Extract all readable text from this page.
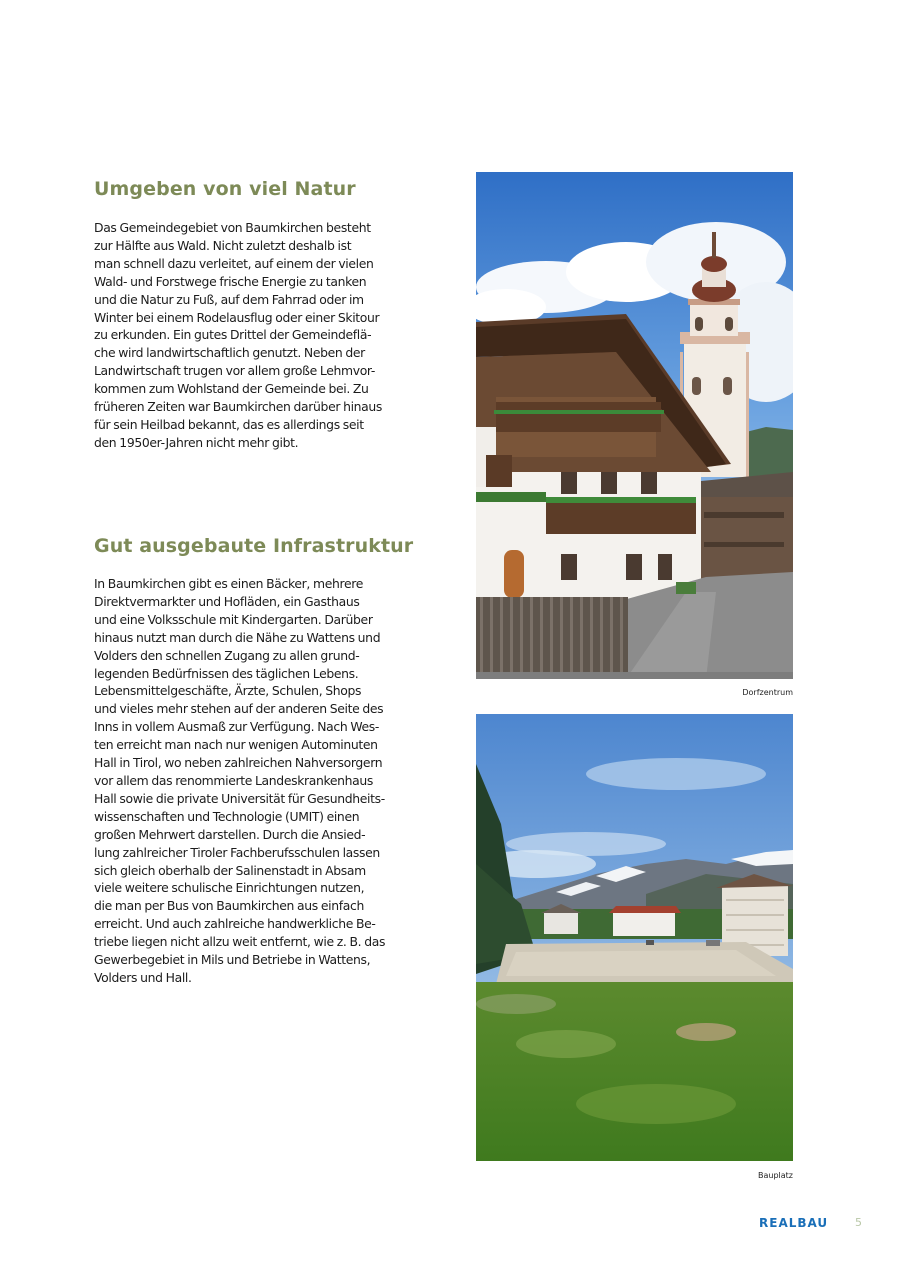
Umgeben von viel Natur

Das Gemeindegebiet von Baumkirchen besteht
zur Hälfte aus Wald. Nicht zuletzt deshalb ist
man schnell dazu verleitet, auf einem der vielen
Wald- und Forstwege frische Energie zu tanken
und die Natur zu Fuß, auf dem Fahrrad oder im
Winter bei einem Rodelausflug oder einer Skitour
zu erkunden. Ein gutes Drittel der Gemeindeflä-
che wird landwirtschaftlich genutzt. Neben der
Landwirtschaft trugen vor allem große Lehmvor-
kommen zum Wohlstand der Gemeinde bei. Zu
früheren Zeiten war Baumkirchen darüber hinaus
für sein Heilbad bekannt, das es allerdings seit
den 1950er-Jahren nicht mehr gibt.

Gut ausgebaute Infrastruktur

In Baumkirchen gibt es einen Bäcker, mehrere
Direktvermarkter und Hofläden, ein Gasthaus
und eine Volksschule mit Kindergarten. Darüber
hinaus nutzt man durch die Nähe zu Wattens und
Volders den schnellen Zugang zu allen grund-
legenden Bedürfnissen des täglichen Lebens.
Lebensmittelgeschäfte, Ärzte, Schulen, Shops
und vieles mehr stehen auf der anderen Seite des
Inns in vollem Ausmaß zur Verfügung. Nach Wes-
ten erreicht man nach nur wenigen Autominuten
Hall in Tirol, wo neben zahlreichen Nahversorgern
vor allem das renommierte Landeskrankenhaus
Hall sowie die private Universität für Gesundheits-
wissenschaften und Technologie (UMIT) einen
großen Mehrwert darstellen. Durch die Ansied-
lung zahlreicher Tiroler Fachberufsschulen lassen
sich gleich oberhalb der Salinenstadt in Absam
viele weitere schulische Einrichtungen nutzen,
die man per Bus von Baumkirchen aus einfach
erreicht. Und auch zahlreiche handwerkliche Be-
triebe liegen nicht allzu weit entfernt, wie z. B. das
Gewerbegebiet in Mils und Betriebe in Wattens,
Volders und Hall.

Dorfzentrum
Bauplatz
REALBAU 5
